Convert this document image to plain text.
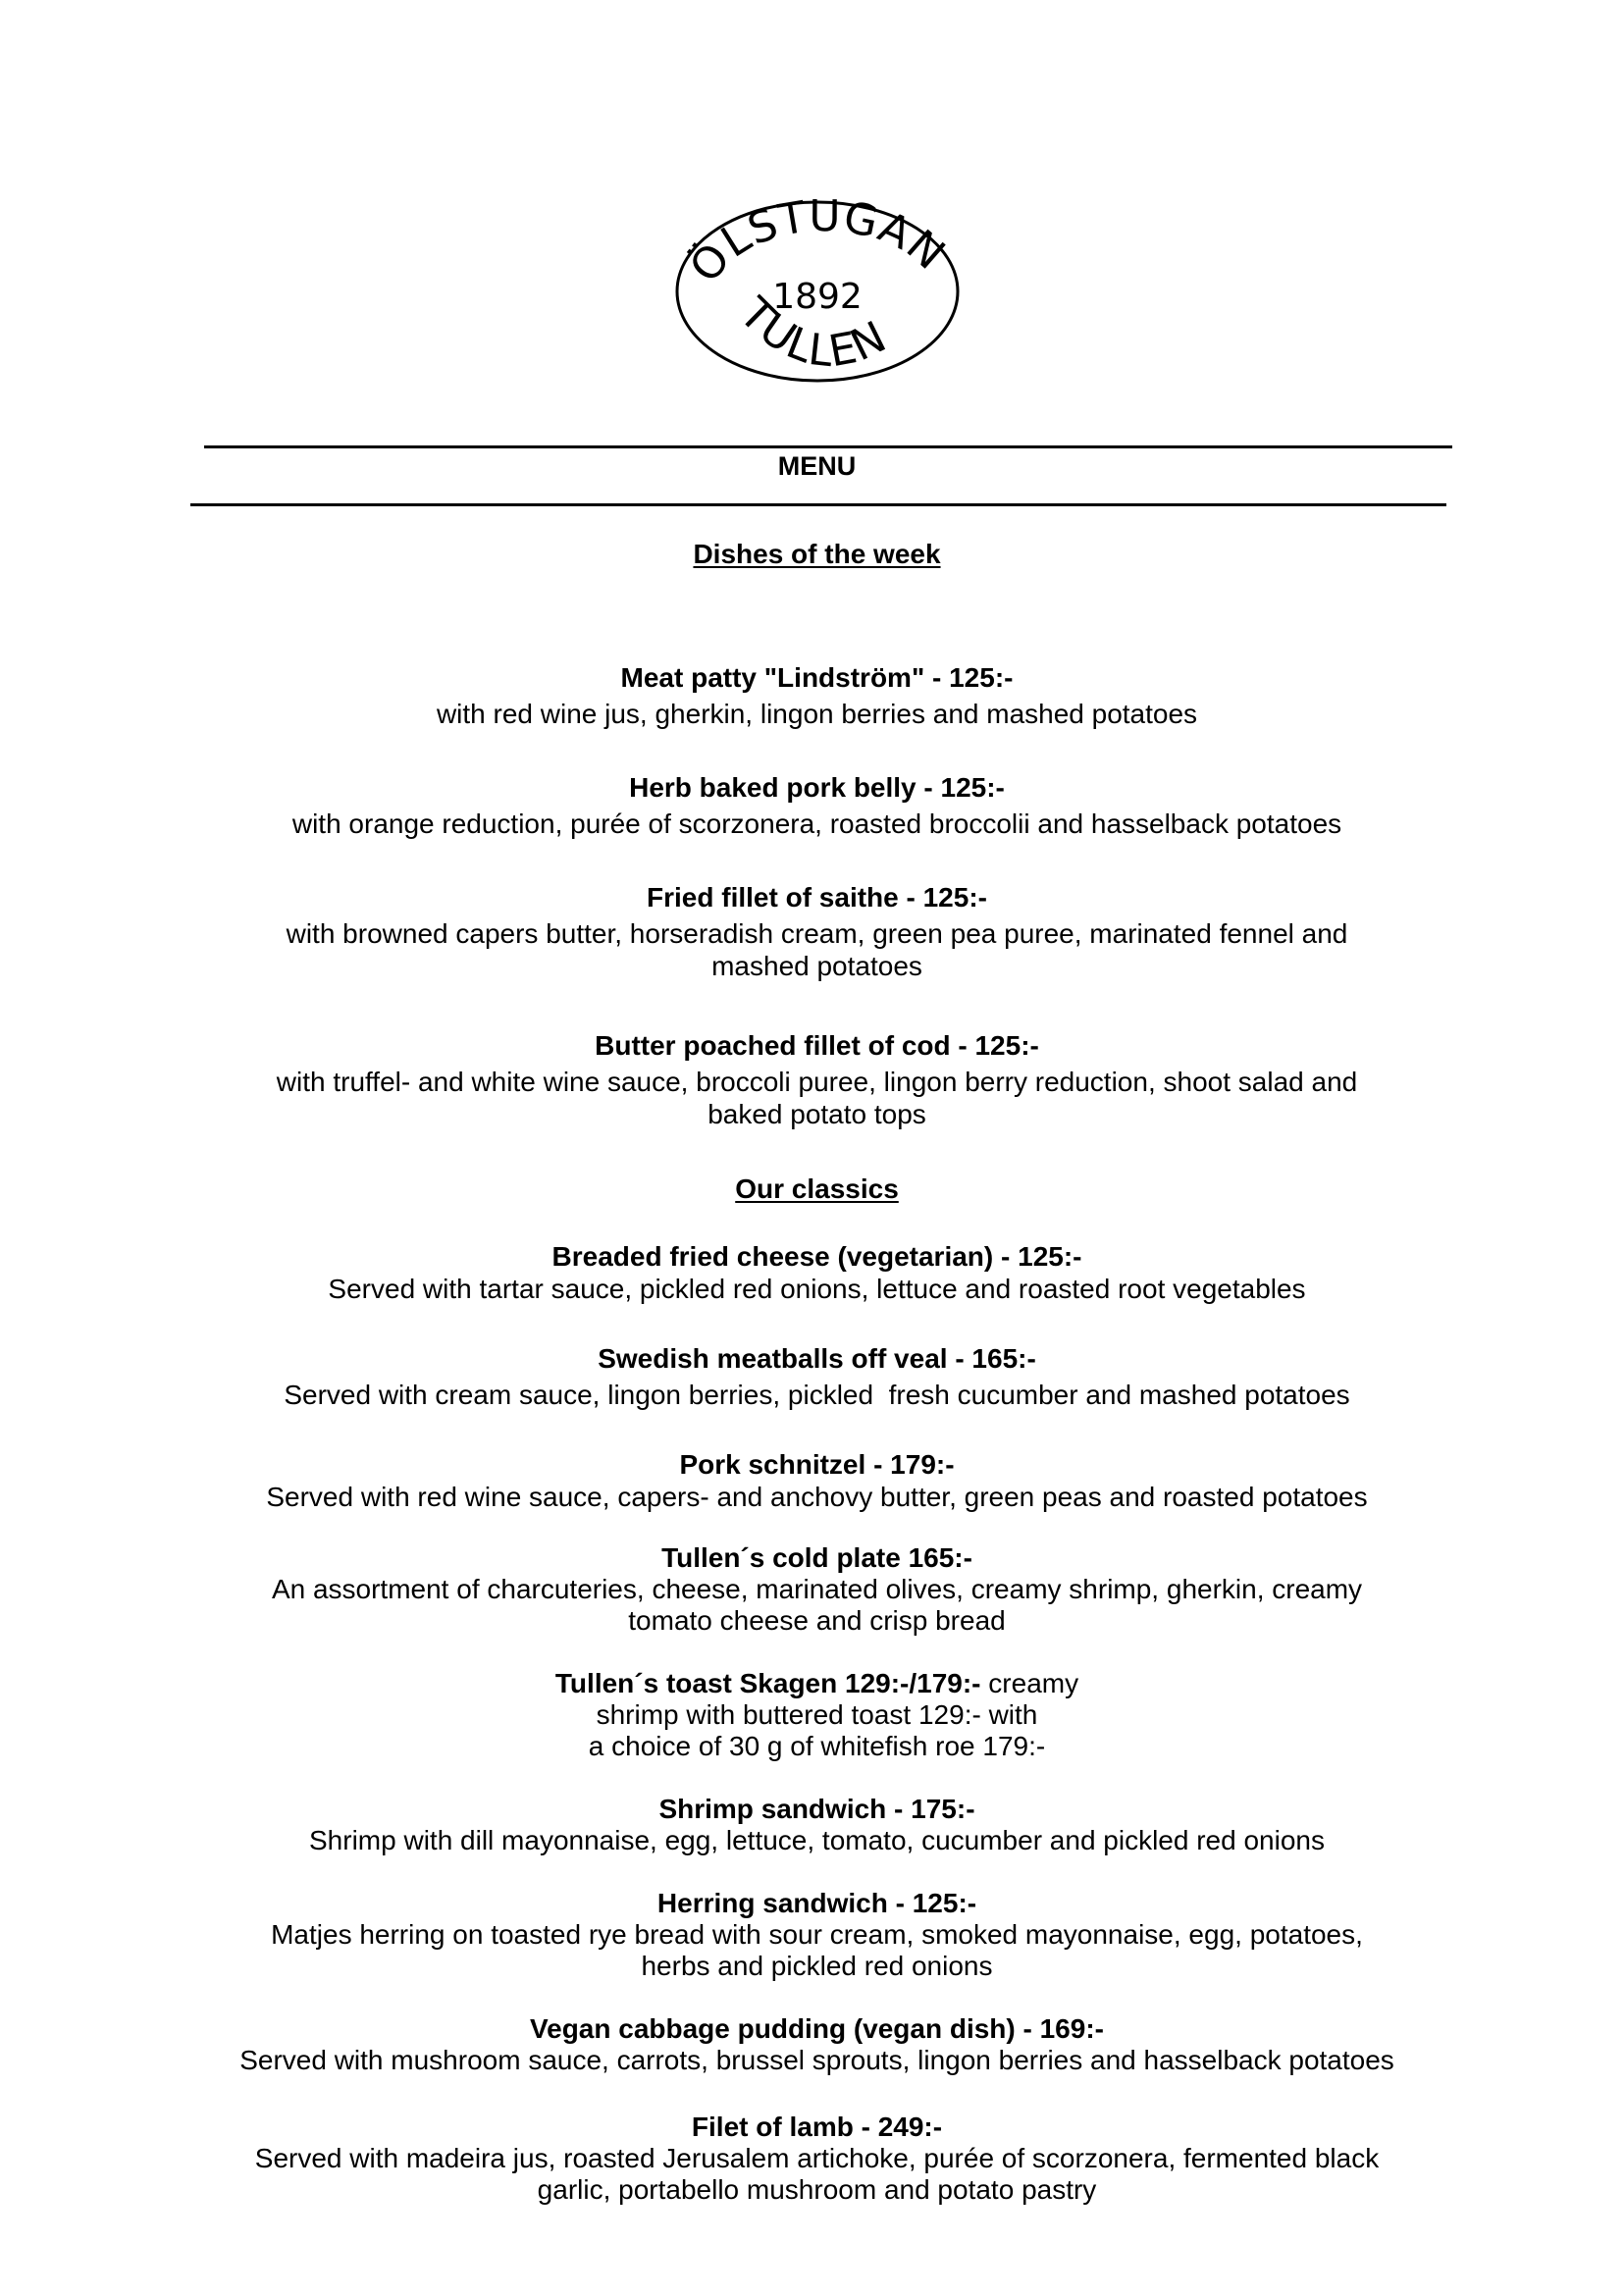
ÖLSTUGAN
1892
TULLEN
MENU
Dishes of the week
Meat patty "Lindström" - 125:-
with red wine jus, gherkin, lingon berries and mashed potatoes
Herb baked pork belly - 125:-
with orange reduction, purée of scorzonera, roasted broccolii and hasselback potatoes
Fried fillet of saithe - 125:-
with browned capers butter, horseradish cream, green pea puree, marinated fennel and mashed potatoes
Butter poached fillet of cod - 125:-
with truffel- and white wine sauce, broccoli puree, lingon berry reduction, shoot salad and baked potato tops
Our classics
Breaded fried cheese (vegetarian) - 125:-
Served with tartar sauce, pickled red onions, lettuce and roasted root vegetables
Swedish meatballs off veal - 165:-
Served with cream sauce, lingon berries, pickled  fresh cucumber and mashed potatoes
Pork schnitzel - 179:-
Served with red wine sauce, capers- and anchovy butter, green peas and roasted potatoes
Tullen´s cold plate 165:-
An assortment of charcuteries, cheese, marinated olives, creamy shrimp, gherkin, creamy tomato cheese and crisp bread
Tullen´s toast Skagen 129:-/179:- creamy
shrimp with buttered toast 129:- with
a choice of 30 g of whitefish roe 179:-
Shrimp sandwich - 175:-
Shrimp with dill mayonnaise, egg, lettuce, tomato, cucumber and pickled red onions
Herring sandwich - 125:-
Matjes herring on toasted rye bread with sour cream, smoked mayonnaise, egg, potatoes, herbs and pickled red onions
Vegan cabbage pudding (vegan dish) - 169:-
Served with mushroom sauce, carrots, brussel sprouts, lingon berries and hasselback potatoes
Filet of lamb - 249:-
Served with madeira jus, roasted Jerusalem artichoke, purée of scorzonera, fermented black garlic, portabello mushroom and potato pastry
